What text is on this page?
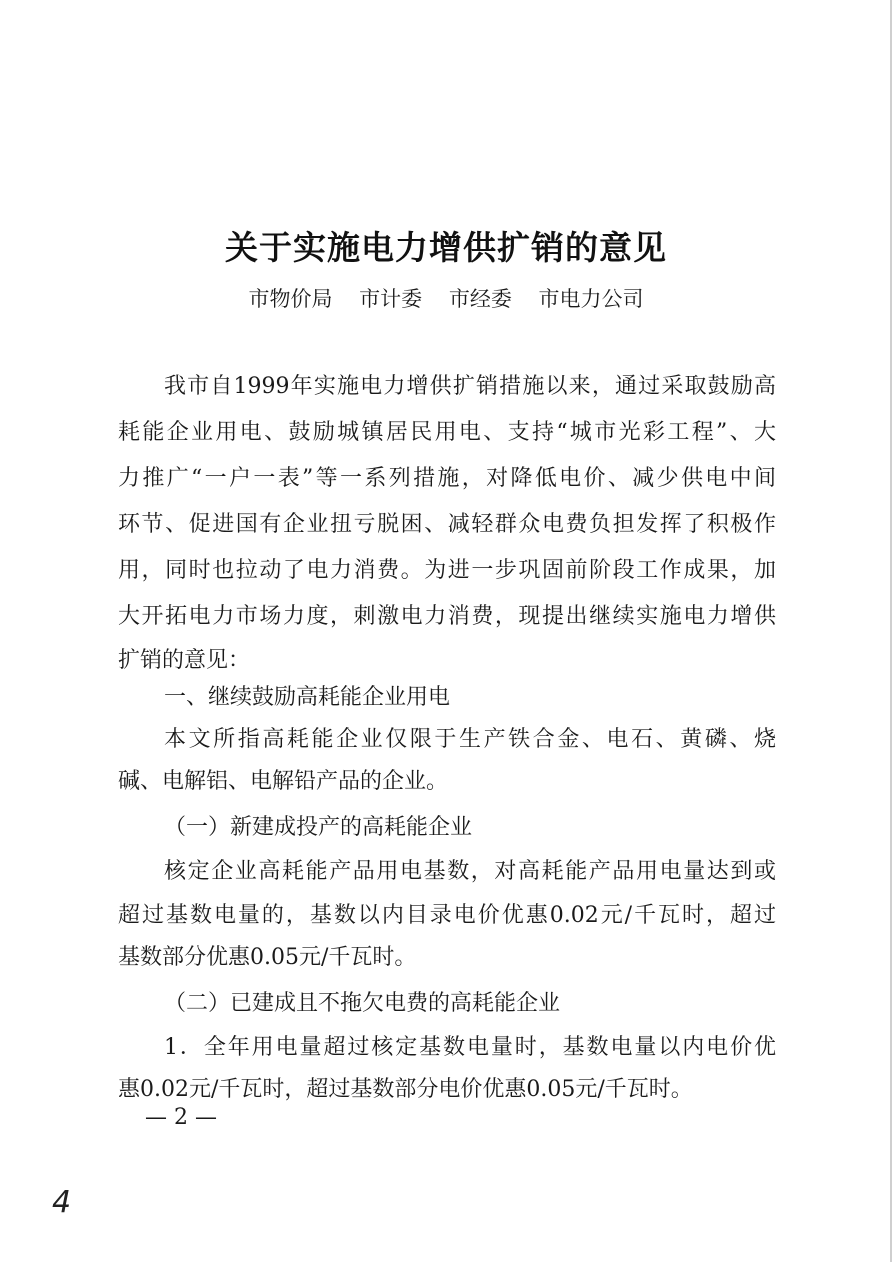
关于实施电力增供扩销的意见
市物价局 市计委 市经委 市电力公司
我市自1999年实施电力增供扩销措施以来，通过采取鼓励高
耗能企业用电、鼓励城镇居民用电、支持“城市光彩工程”、大
力推广“一户一表”等一系列措施，对降低电价、减少供电中间
环节、促进国有企业扭亏脱困、减轻群众电费负担发挥了积极作
用，同时也拉动了电力消费。为进一步巩固前阶段工作成果，加
大开拓电力市场力度，刺激电力消费，现提出继续实施电力增供
扩销的意见：
一、继续鼓励高耗能企业用电
本文所指高耗能企业仅限于生产铁合金、电石、黄磷、烧
碱、电解铝、电解铅产品的企业。
（一）新建成投产的高耗能企业
核定企业高耗能产品用电基数，对高耗能产品用电量达到或
超过基数电量的，基数以内目录电价优惠0.02元/千瓦时，超过
基数部分优惠0.05元/千瓦时。
（二）已建成且不拖欠电费的高耗能企业
1．全年用电量超过核定基数电量时，基数电量以内电价优
惠0.02元/千瓦时，超过基数部分电价优惠0.05元/千瓦时。
— 2 —
4
